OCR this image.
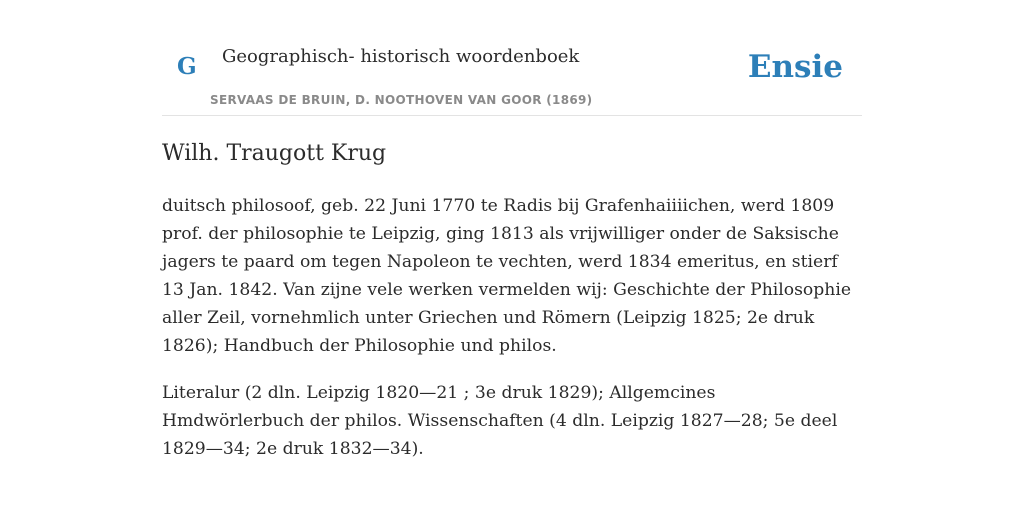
G Geographisch- historisch woordenboek
SERVAAS DE BRUIN, D. NOOTHOVEN VAN GOOR (1869)
Ensie
Wilh. Traugott Krug

duitsch philosoof, geb. 22 Juni 1770 te Radis bij Grafenhaiiiichen, werd 1809 prof. der philosophie te Leipzig, ging 1813 als vrijwilliger onder de Saksische jagers te paard om tegen Napoleon te vechten, werd 1834 emeritus, en stierf 13 Jan. 1842. Van zijne vele werken vermelden wij: Geschichte der Philosophie aller Zeil, vornehmlich unter Griechen und Römern (Leipzig 1825; 2e druk 1826); Handbuch der Philosophie und philos.

Literalur (2 dln. Leipzig 1820—21 ; 3e druk 1829); Allgemcines Hmdwörlerbuch der philos. Wissenschaften (4 dln. Leipzig 1827—28; 5e deel 1829—34; 2e druk 1832—34).
